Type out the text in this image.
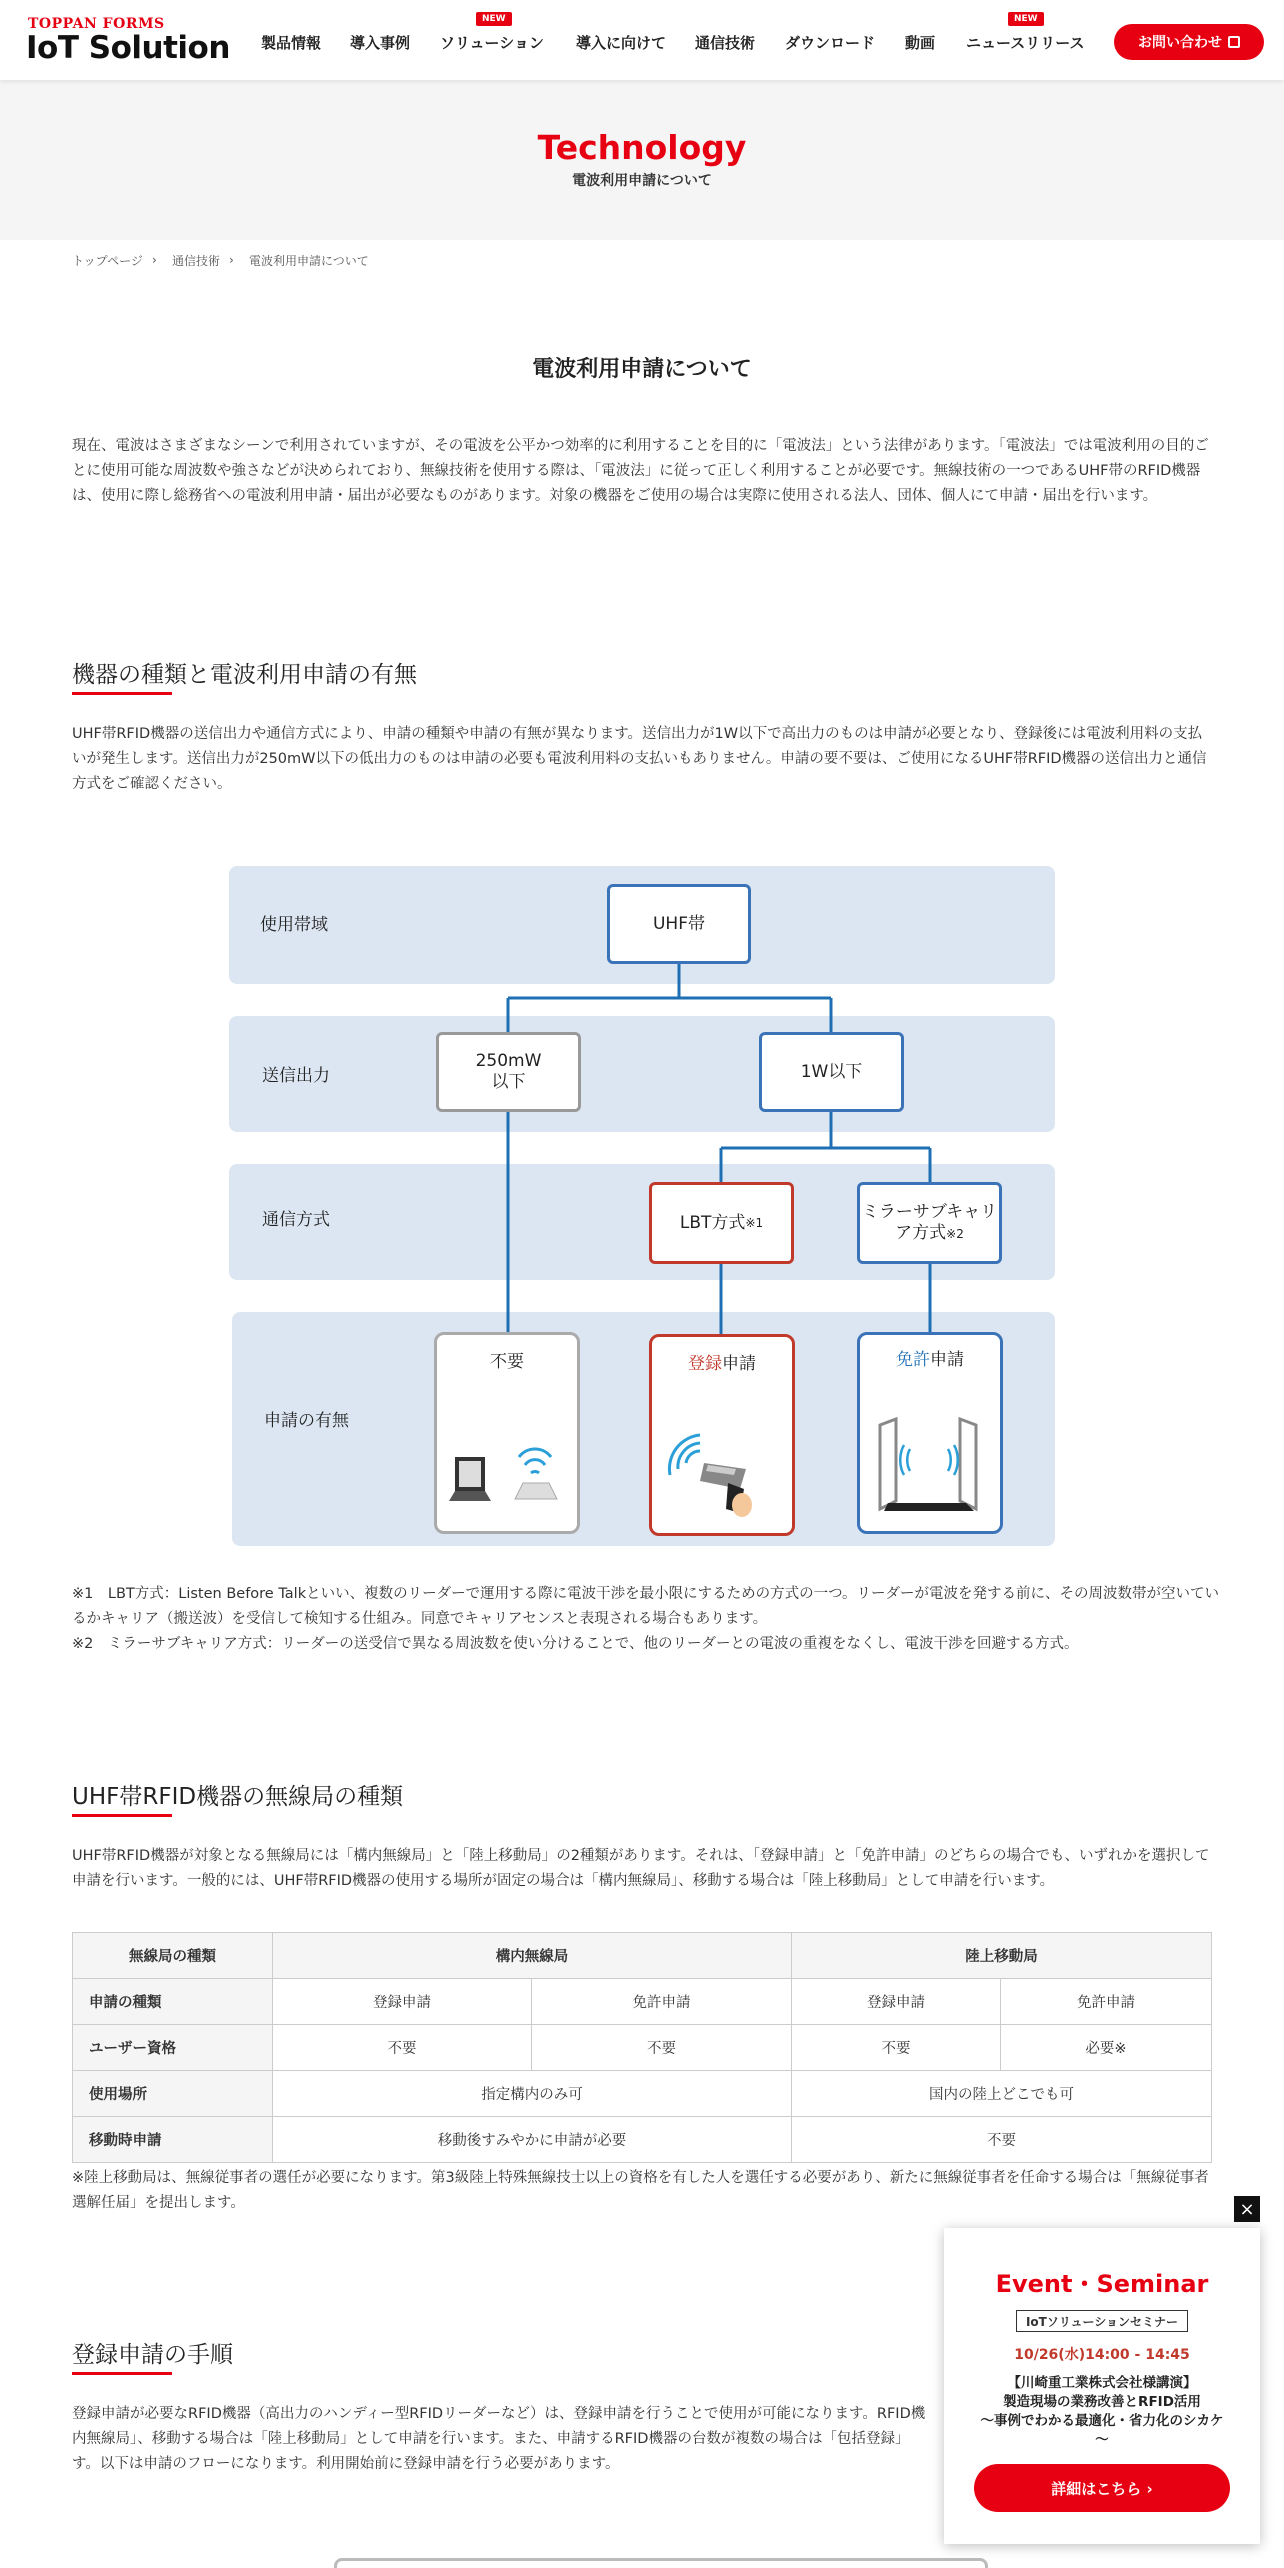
TOPPAN FORMS
IoT Solution 製品情報 導入事例
NEW
ソリューション 導入に向けて 通信技術 ダウンロード 動画
NEW
ニュースリリース	お問い合わせ
Technology
電波利用申請について
トップページ › 通信技術 › 電波利用申請について
電波利用申請について
現在、電波はさまざまなシーンで利用されていますが、その電波を公平かつ効率的に利用することを目的に「電波法」という法律があります。「電波法」では電波利用の目的ごとに使用可能な周波数や強さなどが決められており、無線技術を使用する際は、「電波法」に従って正しく利用することが必要です。無線技術の一つであるUHF帯のRFID機器は、使用に際し総務省への電波利用申請・届出が必要なものがあります。対象の機器をご使用の場合は実際に使用される法人、団体、個人にて申請・届出を行います。
機器の種類と電波利用申請の有無
UHF帯RFID機器の送信出力や通信方式により、申請の種類や申請の有無が異なります。送信出力が1W以下で高出力のものは申請が必要となり、登録後には電波利用料の支払いが発生します。送信出力が250mW以下の低出力のものは申請の必要も電波利用料の支払いもありません。申請の要不要は、ご使用になるUHF帯RFID機器の送信出力と通信方式をご確認ください。
使用帯域
送信出力
通信方式
申請の有無
UHF帯
250mW
以下
1W以下
LBT方式 ※1
ミラーサブキャリ
ア方式※2
不要	登録申請	免許申請
※1　LBT方式：Listen Before Talkといい、複数のリーダーで運用する際に電波干渉を最小限にするための方式の一つ。リーダーが電波を発する前に、その周波数帯が空いているかキャリア（搬送波）を受信して検知する仕組み。同意でキャリアセンスと表現される場合もあります。
※2　ミラーサブキャリア方式：リーダーの送受信で異なる周波数を使い分けることで、他のリーダーとの電波の重複をなくし、電波干渉を回避する方式。
UHF帯RFID機器の無線局の種類
UHF帯RFID機器が対象となる無線局には「構内無線局」と「陸上移動局」の2種類があります。それは、「登録申請」と「免許申請」のどちらの場合でも、いずれかを選択して申請を行います。一般的には、UHF帯RFID機器の使用する場所が固定の場合は「構内無線局」、移動する場合は「陸上移動局」として申請を行います。
無線局の種類	構内無線局		陸上移動局	
申請の種類	登録申請	免許申請	登録申請	免許申請
ユーザー資格	不要	不要	不要	必要※
使用場所	指定構内のみ可		国内の陸上どこでも可	
移動時申請	移動後すみやかに申請が必要		不要	
※陸上移動局は、無線従事者の選任が必要になります。第3級陸上特殊無線技士以上の資格を有した人を選任する必要があり、新たに無線従事者を任命する場合は「無線従事者選解任届」を提出します。
登録申請の手順
登録申請が必要なRFID機器（高出力のハンディー型RFIDリーダーなど）は、登録申請を行うことで使用が可能になります。RFID機
内無線局」、移動する場合は「陸上移動局」として申請を行います。また、申請するRFID機器の台数が複数の場合は「包括登録」
す。以下は申請のフローになります。利用開始前に登録申請を行う必要があります。
×
Event・Seminar
IoTソリューションセミナー
10/26(水)14:00 - 14:45
【川崎重工業株式会社様講演】
製造現場の業務改善とRFID活用
～事例でわかる最適化・省力化のシカケ
～
詳細はこちら ›
